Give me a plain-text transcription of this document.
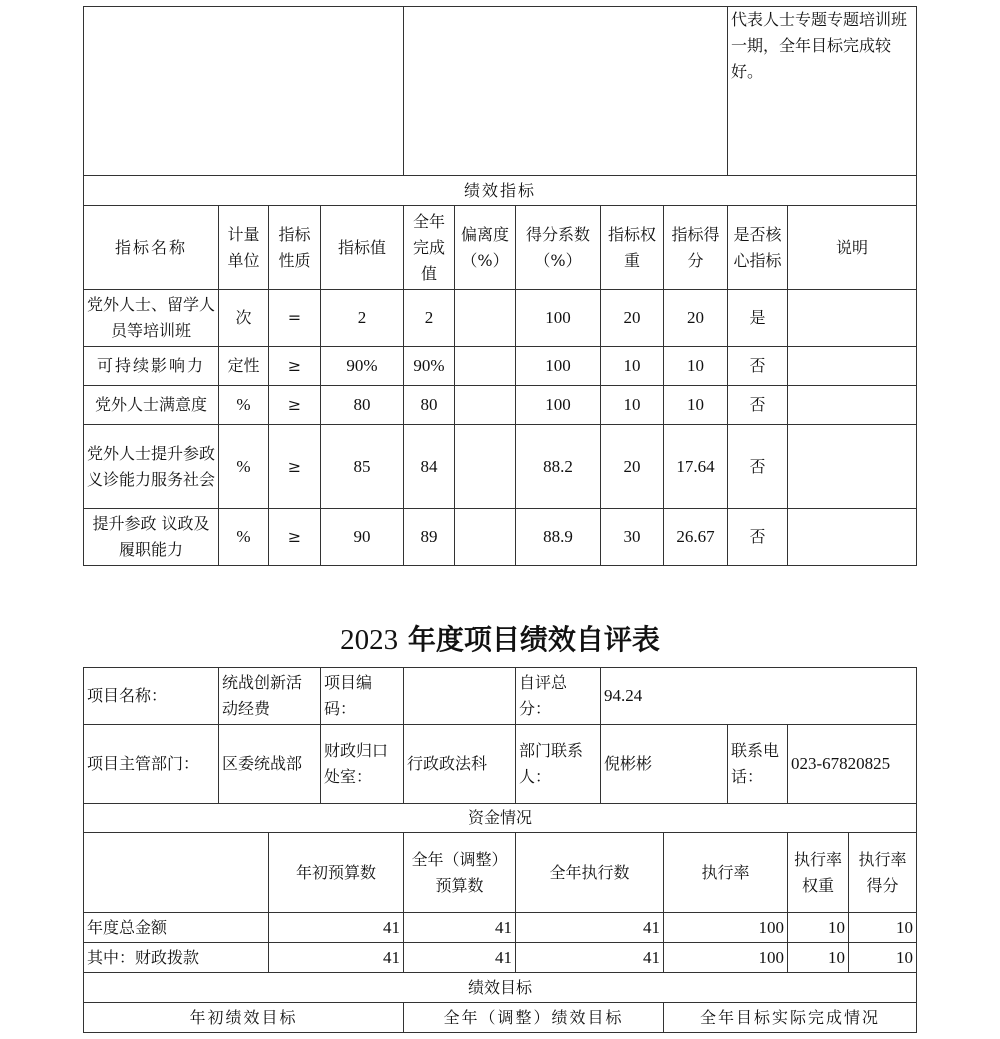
									代表人士专题专题培训班一期，全年目标完成较好。	
绩效指标										
指标名称	计量单位	指标性质	指标值	全年完成值	偏离度（%）	得分系数（%）	指标权重	指标得分	是否核心指标	说明
党外人士、留学人员等培训班	次	=	2	2		100	20	20	是	
可持续影响力	定性	≥	90%	90%		100	10	10	否	
党外人士满意度	%	≥	80	80		100	10	10	否	
党外人士提升参政义诊能力服务社会	%	≥	85	84		88.2	20	17.64	否	
提升参政 议政及履职能力	%	≥	90	89		88.9	30	26.67	否	
2023 年度项目绩效自评表
项目名称：	统战创新活动经费		项目编码：		自评总分：	94.24				
项目主管部门：	区委统战部		财政归口处室：	行政政法科	部门联系人：	倪彬彬		联系电话：	023-67820825	
资金情况										
		年初预算数		全年（调整）预算数	全年执行数		执行率		执行率权重	执行率得分
年度总金额		41		41	41		100		10	10
其中：财政拨款		41		41	41		100		10	10
绩效目标										
年初绩效目标				全年（调整）绩效目标			全年目标实际完成情况			
